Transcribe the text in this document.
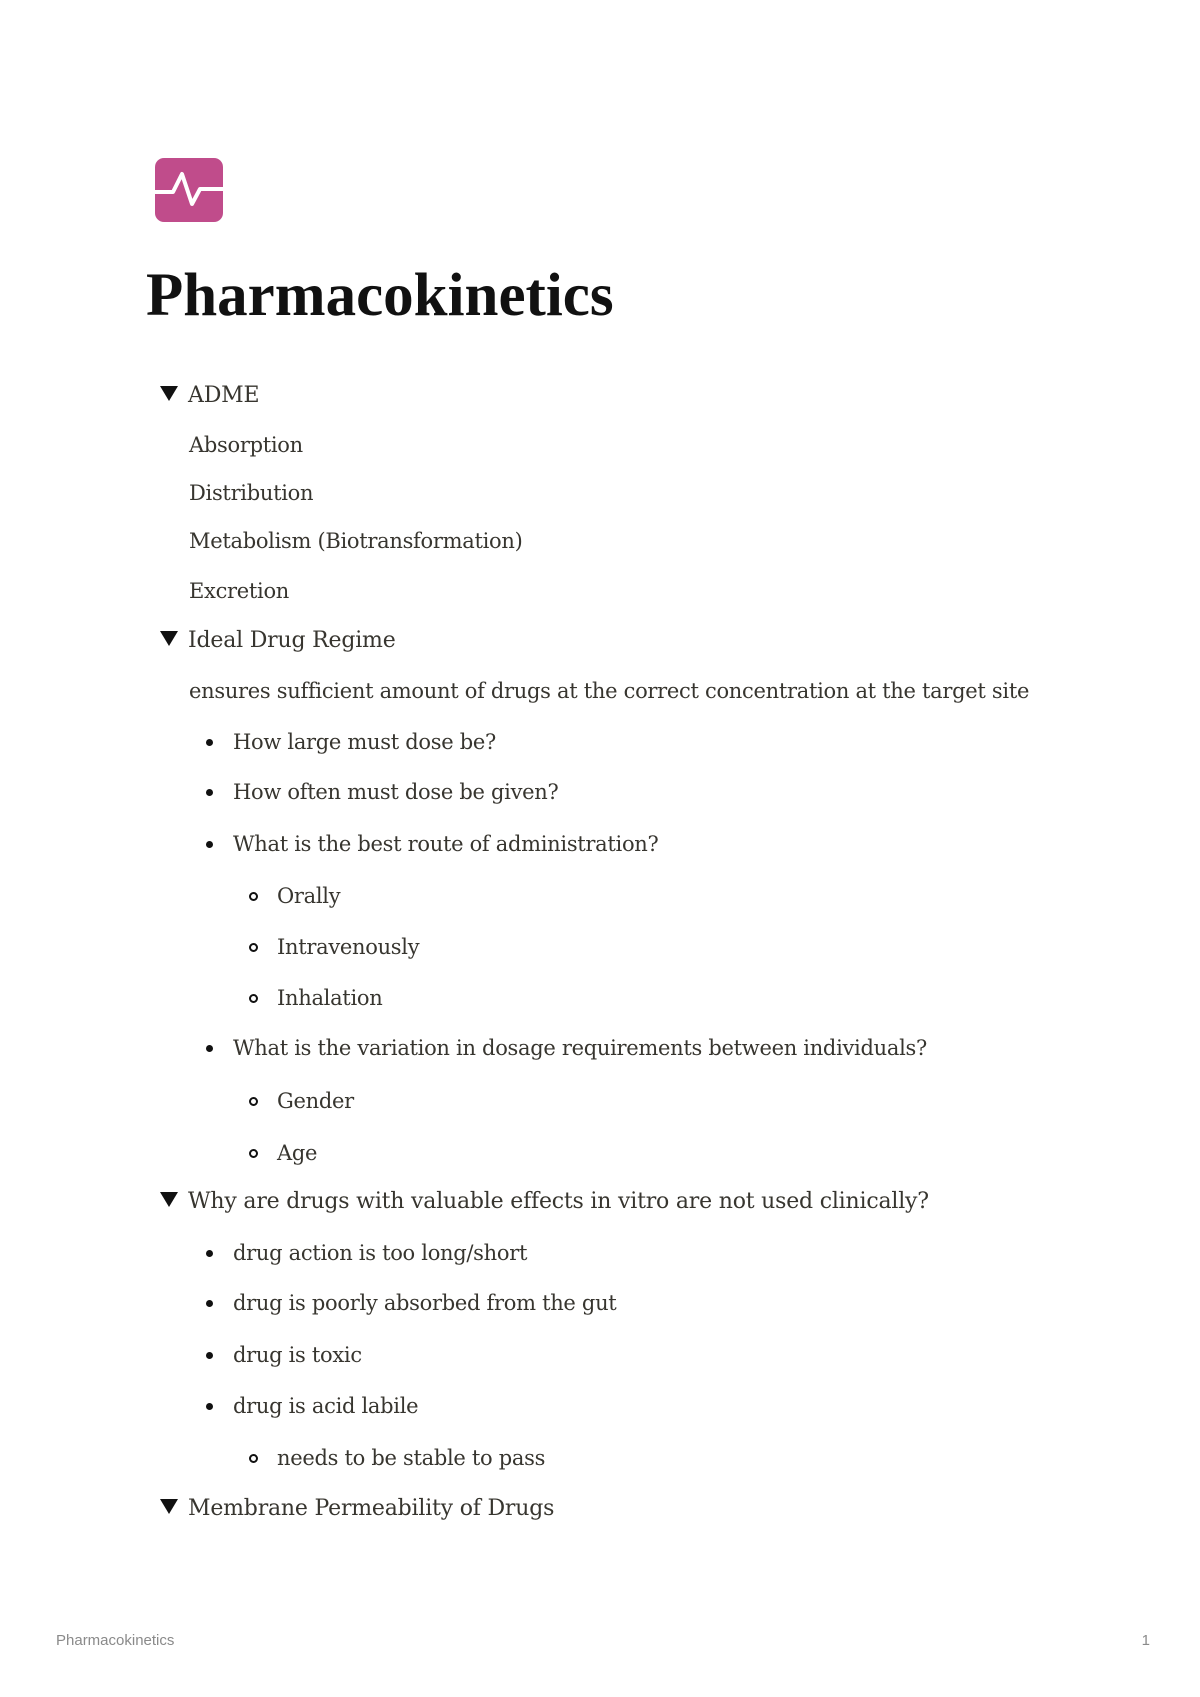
Pharmacokinetics
ADME
Absorption
Distribution
Metabolism (Biotransformation)
Excretion
Ideal Drug Regime
ensures sufficient amount of drugs at the correct concentration at the target site
How large must dose be?
How often must dose be given?
What is the best route of administration?
Orally
Intravenously
Inhalation
What is the variation in dosage requirements between individuals?
Gender
Age
Why are drugs with valuable effects in vitro are not used clinically?
drug action is too long/short
drug is poorly absorbed from the gut
drug is toxic
drug is acid labile
needs to be stable to pass
Membrane Permeability of Drugs
Pharmacokinetics	1
